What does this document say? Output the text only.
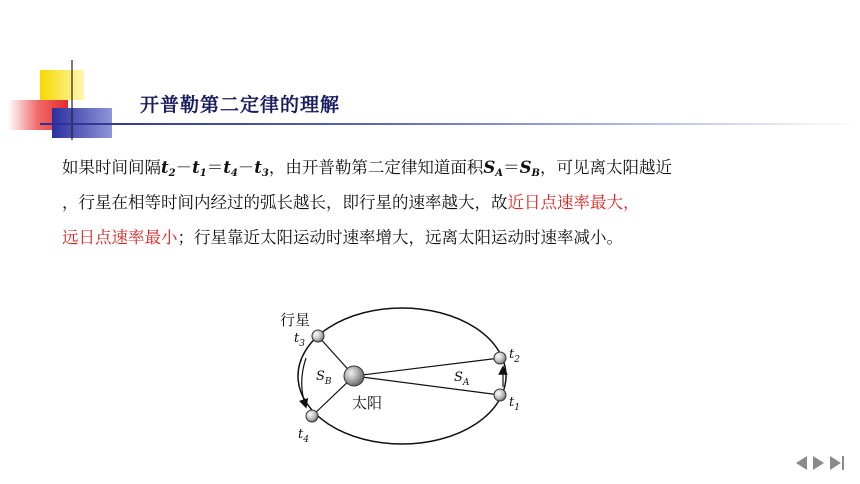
开普勒第二定律的理解
如果时间间隔$t_2-t_1=t_4-t_3$，由开普勒第二定律知道面积$S_A=S_B$，可见离太阳越近
，行星在相等时间内经过的弧长越长，即行星的速率越大，故近日点速率最大，
远日点速率最小；行星靠近太阳运动时速率增大，远离太阳运动时速率减小。
行星
太阳
$t_3$
$t_4$
$t_2$
$t_1$
$S_B$	$S_A$
